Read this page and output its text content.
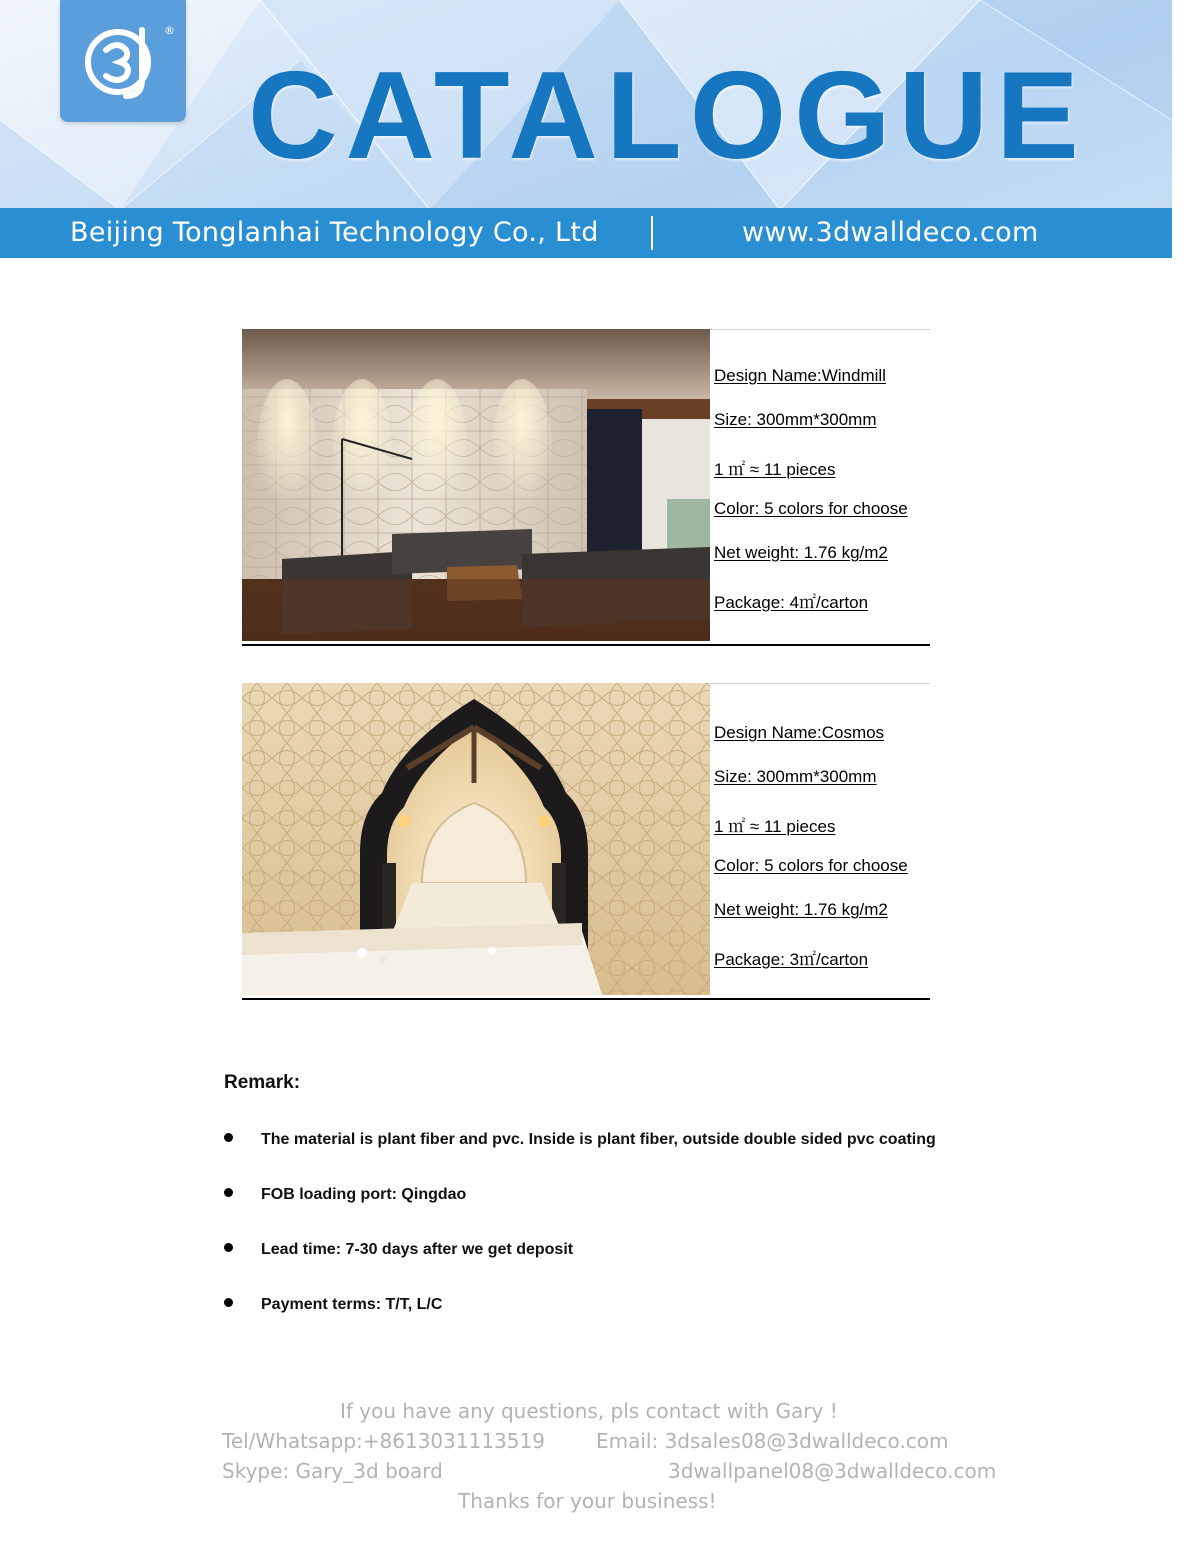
®
CATALOGUE
Beijing Tonglanhai Technology Co., Ltd	www.3dwalldeco.com
Design Name:Windmill
Size: 300mm*300mm
1 ㎡ ≈ 11 pieces
Color: 5 colors for choose
Net weight: 1.76 kg/m2
Package: 4㎡/carton
Design Name:Cosmos
Size: 300mm*300mm
1 ㎡ ≈ 11 pieces
Color: 5 colors for choose
Net weight: 1.76 kg/m2
Package: 3㎡/carton
Remark:
The material is plant fiber and pvc. Inside is plant fiber, outside double sided pvc coating
FOB loading port: Qingdao
Lead time: 7-30 days after we get deposit
Payment terms: T/T, L/C
If you have any questions, pls contact with Gary !
Tel/Whatsapp:+8613031113519	Email: 3dsales08@3dwalldeco.com
Skype: Gary_3d board	3dwallpanel08@3dwalldeco.com
Thanks for your business!
